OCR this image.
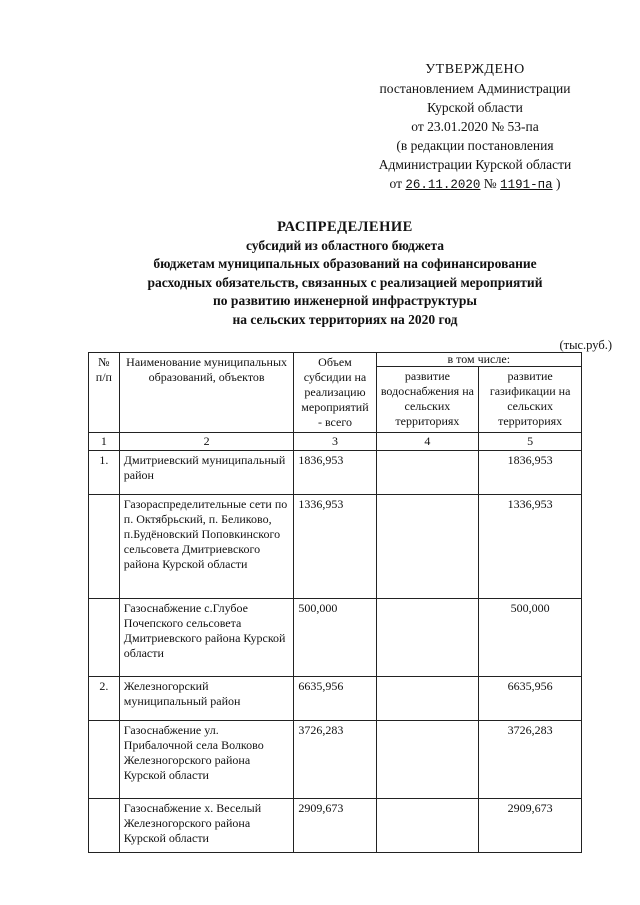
УТВЕРЖДЕНО
постановлением Администрации
Курской области
от 23.01.2020 № 53-па
(в редакции постановления
Администрации Курской области
от 26.11.2020 № 1191-па )
РАСПРЕДЕЛЕНИЕ
субсидий из областного бюджета
бюджетам муниципальных образований на софинансирование
расходных обязательств, связанных с реализацией мероприятий
по развитию инженерной инфраструктуры
на сельских территориях на 2020 год
(тыс.руб.)
№ п/п	Наименование муниципальных образований, объектов	Объем субсидии на реализацию мероприятий - всего	в том числе:	
			развитие водоснабжения на сельских территориях	развитие газификации на сельских территориях
1	2	3	4	5
1.	Дмитриевский муниципальный район	1836,953		1836,953
	Газораспределительные сети по п. Октябрьский, п. Беликово, п.Будёновский Поповкинского сельсовета Дмитриевского района Курской области	1336,953		1336,953
	Газоснабжение с.Глубое Почепского сельсовета Дмитриевского района Курской области	500,000		500,000
2.	Железногорский муниципальный район	6635,956		6635,956
	Газоснабжение ул. Прибалочной села Волково Железногорского района Курской области	3726,283		3726,283
	Газоснабжение х. Веселый Железногорского района Курской области	2909,673		2909,673
